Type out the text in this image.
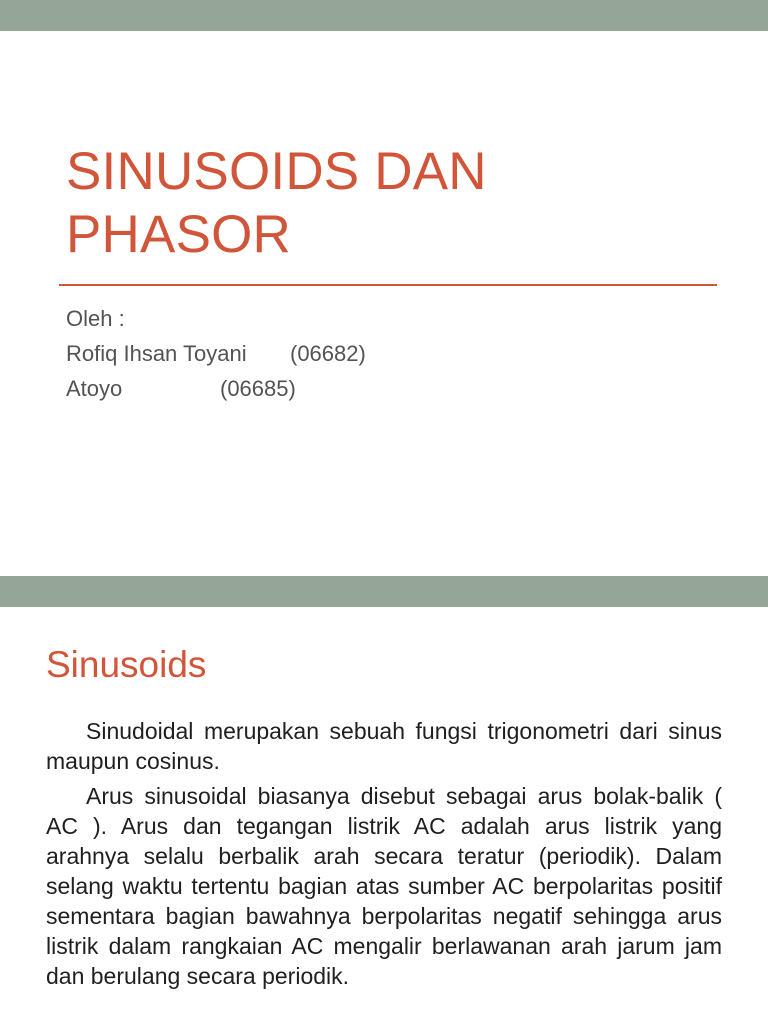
SINUSOIDS DAN
PHASOR
Oleh :
Rofiq Ihsan Toyani (06682)
Atoyo	(06685)
Sinusoids

Sinudoidal merupakan sebuah fungsi trigonometri dari sinus maupun cosinus.

Arus sinusoidal biasanya disebut sebagai arus bolak-balik ( AC ). Arus dan tegangan listrik AC adalah arus listrik yang arahnya selalu berbalik arah secara teratur (periodik). Dalam selang waktu tertentu bagian atas sumber AC berpolaritas positif sementara bagian bawahnya berpolaritas negatif sehingga arus listrik dalam rangkaian AC mengalir berlawanan arah jarum jam dan berulang secara periodik.
